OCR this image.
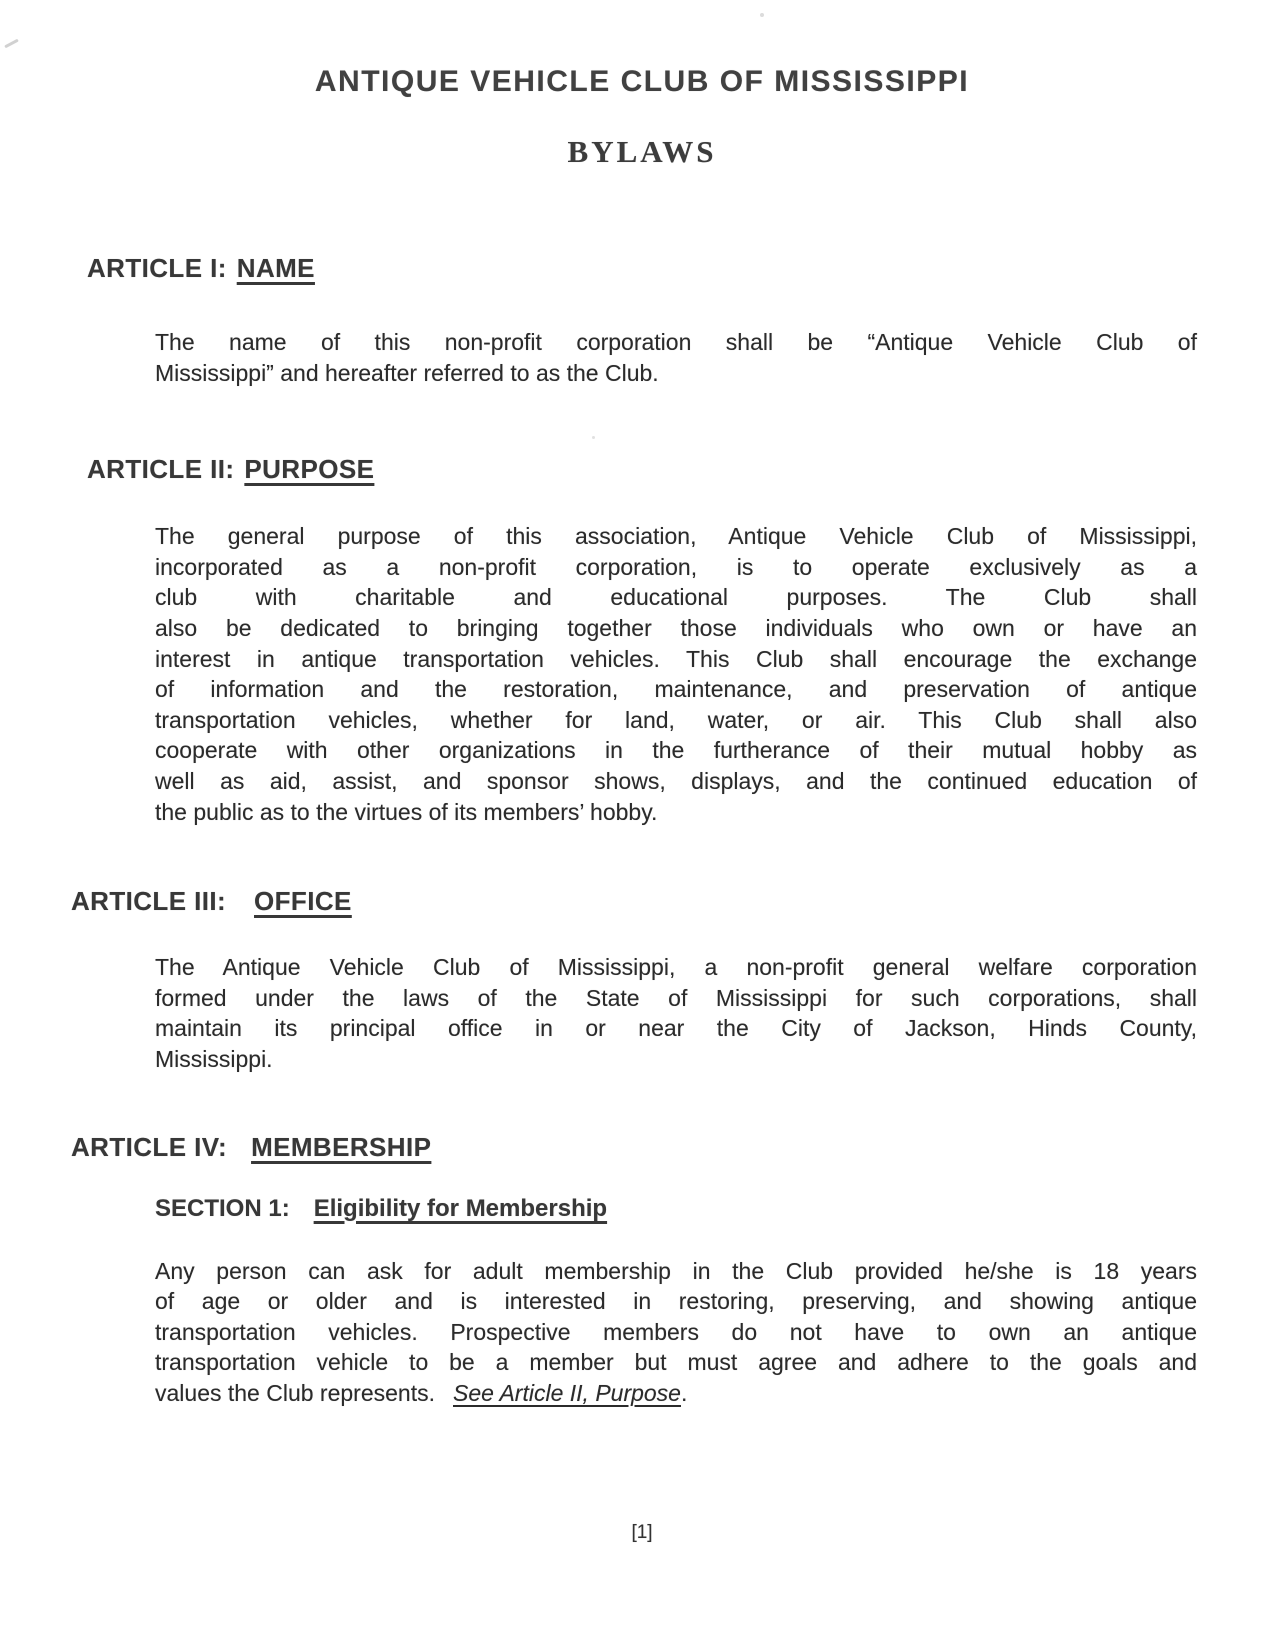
ANTIQUE VEHICLE CLUB OF MISSISSIPPI
BYLAWS
ARTICLE I: NAME
The name of this non-profit corporation shall be “Antique Vehicle Club of
Mississippi” and hereafter referred to as the Club.
ARTICLE II: PURPOSE
The general purpose of this association, Antique Vehicle Club of Mississippi,
incorporated as a non-profit corporation, is to operate exclusively as a
club with charitable and educational purposes. The Club shall
also be dedicated to bringing together those individuals who own or have an
interest in antique transportation vehicles. This Club shall encourage the exchange
of information and the restoration, maintenance, and preservation of antique
transportation vehicles, whether for land, water, or air. This Club shall also
cooperate with other organizations in the furtherance of their mutual hobby as
well as aid, assist, and sponsor shows, displays, and the continued education of
the public as to the virtues of its members’ hobby.
ARTICLE III: OFFICE
The Antique Vehicle Club of Mississippi, a non-profit general welfare corporation
formed under the laws of the State of Mississippi for such corporations, shall
maintain its principal office in or near the City of Jackson, Hinds County,
Mississippi.
ARTICLE IV: MEMBERSHIP
SECTION 1: Eligibility for Membership
Any person can ask for adult membership in the Club provided he/she is 18 years
of age or older and is interested in restoring, preserving, and showing antique
transportation vehicles. Prospective members do not have to own an antique
transportation vehicle to be a member but must agree and adhere to the goals and
values the Club represents. See Article II, Purpose.
[1]
